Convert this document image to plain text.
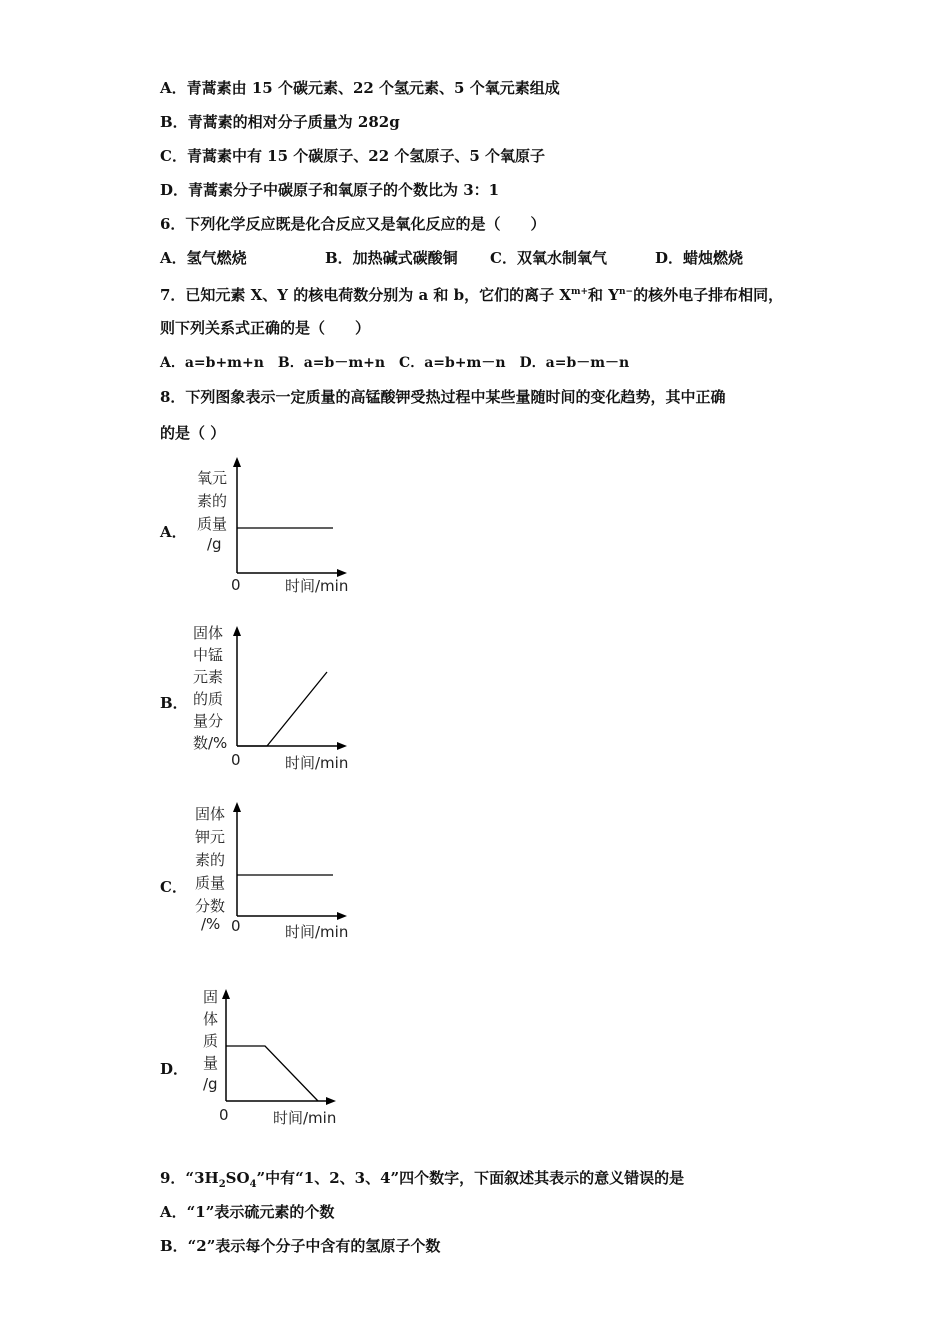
A．青蒿素由 15 个碳元素、22 个氢元素、5 个氧元素组成
B．青蒿素的相对分子质量为 282g
C．青蒿素中有 15 个碳原子、22 个氢原子、5 个氧原子
D．青蒿素分子中碳原子和氧原子的个数比为 3：1
6．下列化学反应既是化合反应又是氧化反应的是（　　）
A．氢气燃烧	B．加热碱式碳酸铜 C．双氧水制氧气	D．蜡烛燃烧
7．已知元素 X、Y 的核电荷数分别为 a 和 b，它们的离子 $X^{m+}$和 $Y^{n-}$的核外电子排布相同，
则下列关系式正确的是（　　）
A．a=b+m+n　B．a=b－m+n　C．a=b+m－n　D．a=b－m－n
8．下列图象表示一定质量的高锰酸钾受热过程中某些量随时间的变化趋势，其中正确
的是（ ）
A．
氧元
素的
质量
/g
0	时间/min
B．
固体
中锰
元素
的质
量分
数/%
0	时间/min
C．
固体
钾元
素的
质量
分数
/% 0	时间/min
D．
固
体
质
量
/g
0	时间/min
9．“$3H_2SO_4$”中有“1、2、3、4”四个数字，下面叙述其表示的意义错误的是
A．“1”表示硫元素的个数
B．“2”表示每个分子中含有的氢原子个数
